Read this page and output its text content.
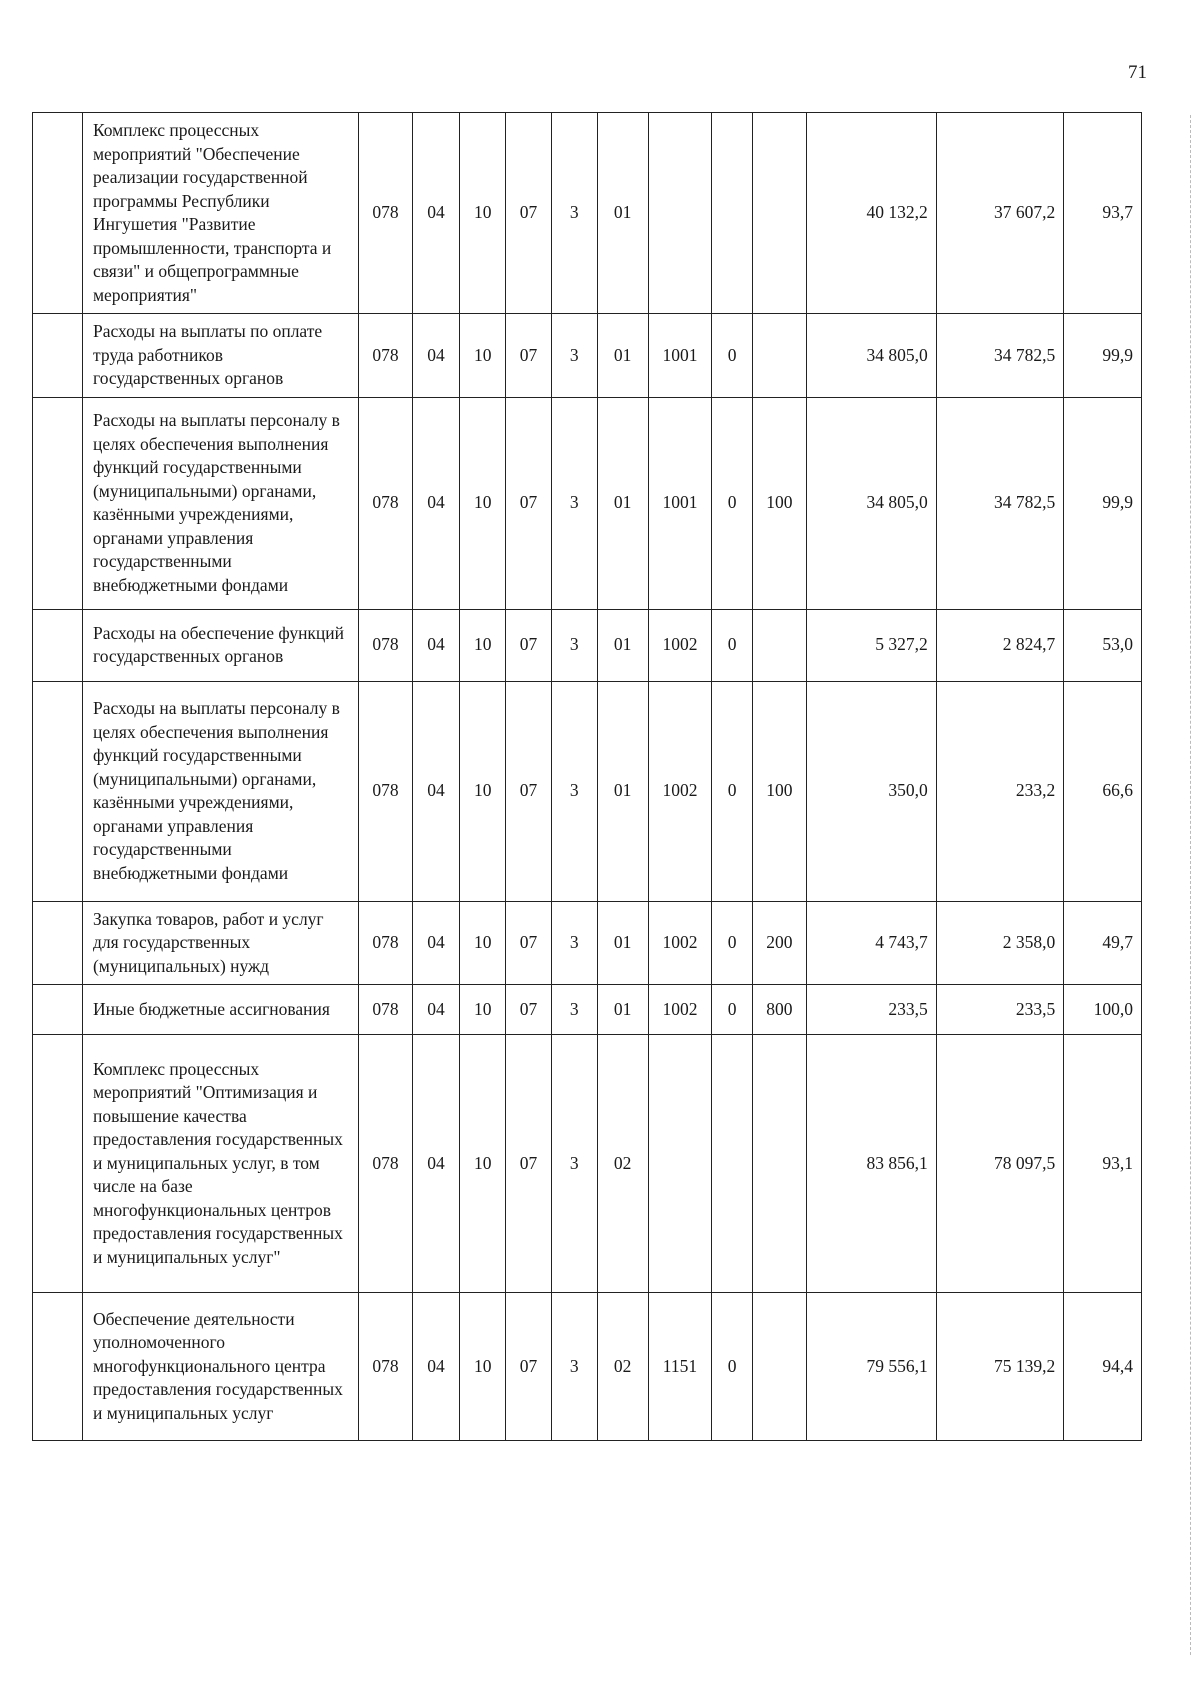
71
	Комплекс процессных мероприятий "Обеспечение реализации государственной программы Республики Ингушетия "Развитие промышленности, транспорта и связи" и общепрограммные мероприятия"	078	04	10	07	3	01				40 132,2	37 607,2	93,7
	Расходы на выплаты по оплате труда работников государственных органов	078	04	10	07	3	01	1001	0		34 805,0	34 782,5	99,9
	Расходы на выплаты персоналу в целях обеспечения выполнения функций государственными (муниципальными) органами, казёнными учреждениями, органами управления государственными внебюджетными фондами	078	04	10	07	3	01	1001	0	100	34 805,0	34 782,5	99,9
	Расходы на обеспечение функций государственных органов	078	04	10	07	3	01	1002	0		5 327,2	2 824,7	53,0
	Расходы на выплаты персоналу в целях обеспечения выполнения функций государственными (муниципальными) органами, казёнными учреждениями, органами управления государственными внебюджетными фондами	078	04	10	07	3	01	1002	0	100	350,0	233,2	66,6
	Закупка товаров, работ и услуг для государственных (муниципальных) нужд	078	04	10	07	3	01	1002	0	200	4 743,7	2 358,0	49,7
	Иные бюджетные ассигнования	078	04	10	07	3	01	1002	0	800	233,5	233,5	100,0
	Комплекс процессных мероприятий "Оптимизация и повышение качества предоставления государственных и муниципальных услуг, в том числе на базе многофункциональных центров предоставления государственных и муниципальных услуг"	078	04	10	07	3	02				83 856,1	78 097,5	93,1
	Обеспечение деятельности уполномоченного многофункционального центра предоставления государственных и муниципальных услуг	078	04	10	07	3	02	1151	0		79 556,1	75 139,2	94,4
